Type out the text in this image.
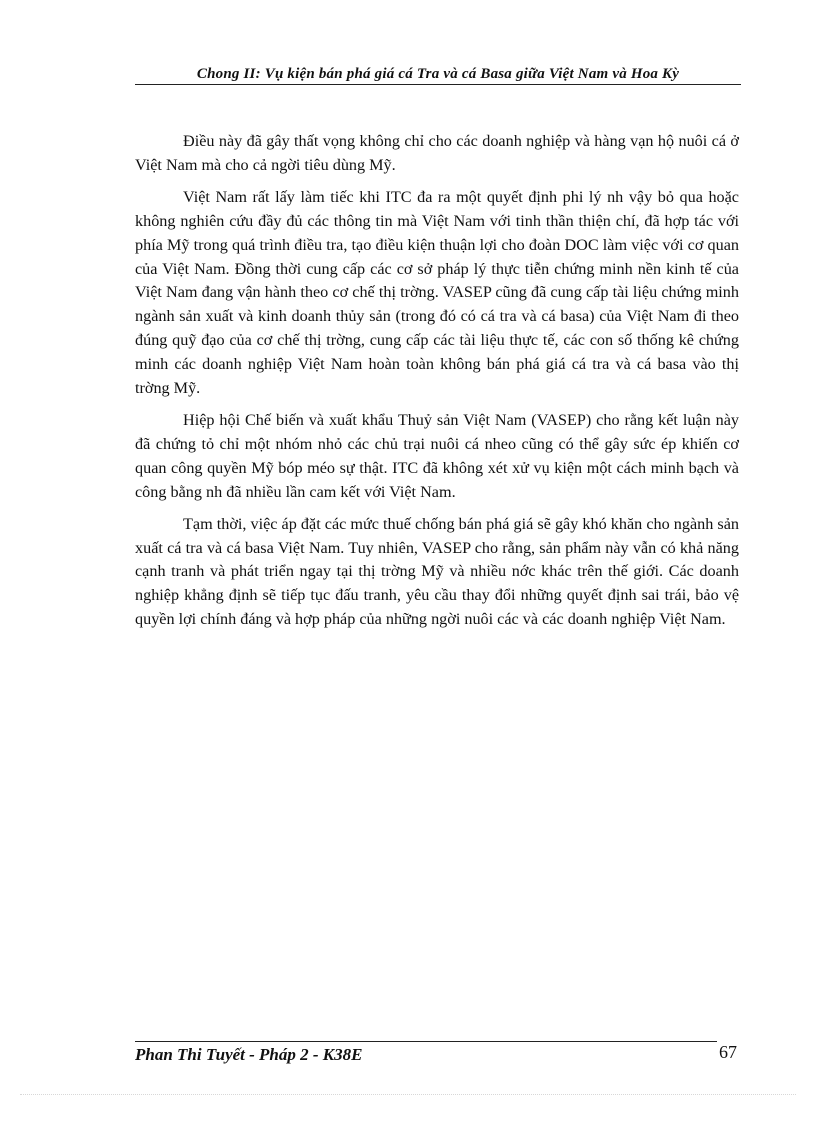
Chong II: Vụ kiện bán phá giá cá Tra và cá Basa giữa Việt Nam và Hoa Kỳ

Điều này đã gây thất vọng không chỉ cho các doanh nghiệp và hàng vạn hộ nuôi cá ở Việt Nam mà cho cả ngời tiêu dùng Mỹ.

Việt Nam rất lấy làm tiếc khi ITC đa ra một quyết định phi lý nh vậy bỏ qua hoặc không nghiên cứu đầy đủ các thông tin mà Việt Nam với tinh thần thiện chí, đã hợp tác với phía Mỹ trong quá trình điều tra, tạo điều kiện thuận lợi cho đoàn DOC làm việc với cơ quan của Việt Nam. Đồng thời cung cấp các cơ sở pháp lý thực tiễn chứng minh nền kinh tế của Việt Nam đang vận hành theo cơ chế thị trờng. VASEP cũng đã cung cấp tài liệu chứng minh ngành sản xuất và kinh doanh thủy sản (trong đó có cá tra và cá basa) của Việt Nam đi theo đúng quỹ đạo của cơ chế thị trờng, cung cấp các tài liệu thực tế, các con số thống kê chứng minh các doanh nghiệp Việt Nam hoàn toàn không bán phá giá cá tra và cá basa vào thị trờng Mỹ.

Hiệp hội Chế biến và xuất khẩu Thuỷ sản Việt Nam (VASEP) cho rằng kết luận này đã chứng tỏ chỉ một nhóm nhỏ các chủ trại nuôi cá nheo cũng có thể gây sức ép khiến cơ quan công quyền Mỹ bóp méo sự thật. ITC đã không xét xử vụ kiện một cách minh bạch và công bằng nh đã nhiều lần cam kết với Việt Nam.

Tạm thời, việc áp đặt các mức thuế chống bán phá giá sẽ gây khó khăn cho ngành sản xuất cá tra và cá basa Việt Nam. Tuy nhiên, VASEP cho rằng, sản phẩm này vẫn có khả năng cạnh tranh và phát triển ngay tại thị trờng Mỹ và nhiều nớc khác trên thế giới. Các doanh nghiệp khẳng định sẽ tiếp tục đấu tranh, yêu cầu thay đổi những quyết định sai trái, bảo vệ quyền lợi chính đáng và hợp pháp của những ngời nuôi các và các doanh nghiệp Việt Nam.

Phan Thi Tuyết - Pháp 2 - K38E	67
